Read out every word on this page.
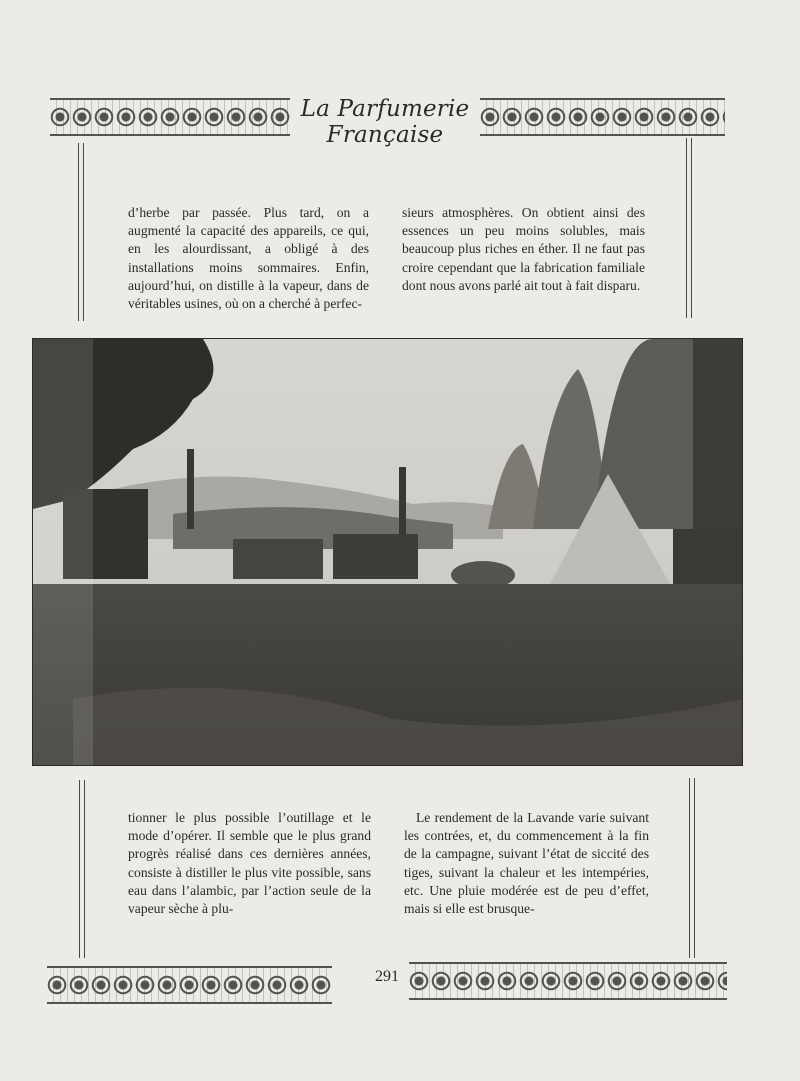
La Parfumerie Française

d’herbe par passée. Plus tard, on a augmenté la capacité des appareils, ce qui, en les alourdissant, a obligé à des installations moins sommaires. Enfin, aujourd’hui, on distille à la vapeur, dans de véritables usines, où on a cherché à perfec-

sieurs atmosphères. On obtient ainsi des essences un peu moins solubles, mais beaucoup plus riches en éther. Il ne faut pas croire cependant que la fabrication familiale dont nous avons parlé ait tout à fait disparu.

tionner le plus possible l’outillage et le mode d’opérer. Il semble que le plus grand progrès réalisé dans ces dernières années, consiste à distiller le plus vite possible, sans eau dans l’alambic, par l’action seule de la vapeur sèche à plu-

Le rendement de la Lavande varie suivant les contrées, et, du commencement à la fin de la campagne, suivant l’état de siccité des tiges, suivant la chaleur et les intempéries, etc. Une pluie modérée est de peu d’effet, mais si elle est brusque-

291
